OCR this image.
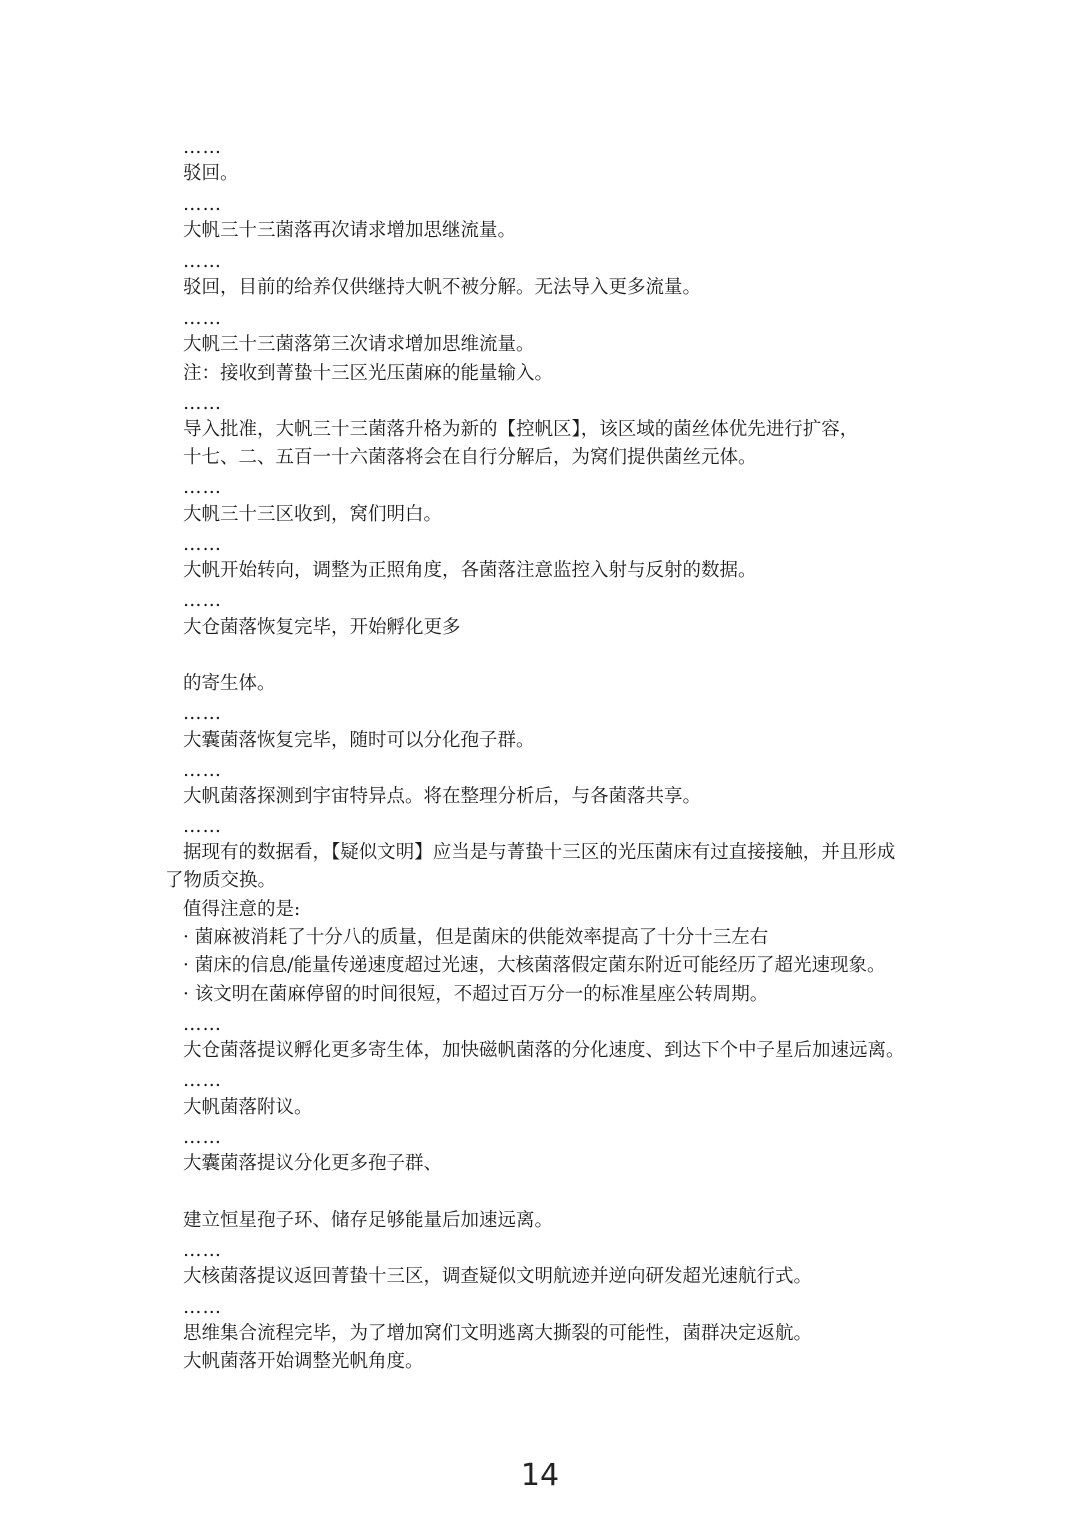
……
驳回。
……
大帆三十三菌落再次请求增加思继流量。
……
驳回，目前的给养仅供继持大帆不被分解。无法导入更多流量。
……
大帆三十三菌落第三次请求增加思维流量。
注：接收到菁蛰十三区光压菌麻的能量输入。
……
导入批准，大帆三十三菌落升格为新的【控帆区】，该区域的菌丝体优先进行扩容，
十七、二、五百一十六菌落将会在自行分解后，为窝们提供菌丝元体。
……
大帆三十三区收到，窝们明白。
……
大帆开始转向，调整为正照角度，各菌落注意监控入射与反射的数据。
……
大仓菌落恢复完毕，开始孵化更多
的寄生体。
……
大囊菌落恢复完毕，随时可以分化孢子群。
……
大帆菌落探测到宇宙特异点。将在整理分析后，与各菌落共享。
……
据现有的数据看，【疑似文明】应当是与菁蛰十三区的光压菌床有过直接接触，并且形成
了物质交换。
值得注意的是:
· 菌麻被消耗了十分八的质量，但是菌床的供能效率提高了十分十三左右
· 菌床的信息/能量传递速度超过光速，大核菌落假定菌东附近可能经历了超光速现象。
· 该文明在菌麻停留的时间很短，不超过百万分一的标准星座公转周期。
……
大仓菌落提议孵化更多寄生体，加快磁帆菌落的分化速度、到达下个中子星后加速远离。
……
大帆菌落附议。
……
大囊菌落提议分化更多孢子群、
建立恒星孢子环、储存足够能量后加速远离。
……
大核菌落提议返回菁蛰十三区，调查疑似文明航迹并逆向研发超光速航行式。
……
思维集合流程完毕，为了增加窝们文明逃离大撕裂的可能性，菌群决定返航。
大帆菌落开始调整光帆角度。
14
